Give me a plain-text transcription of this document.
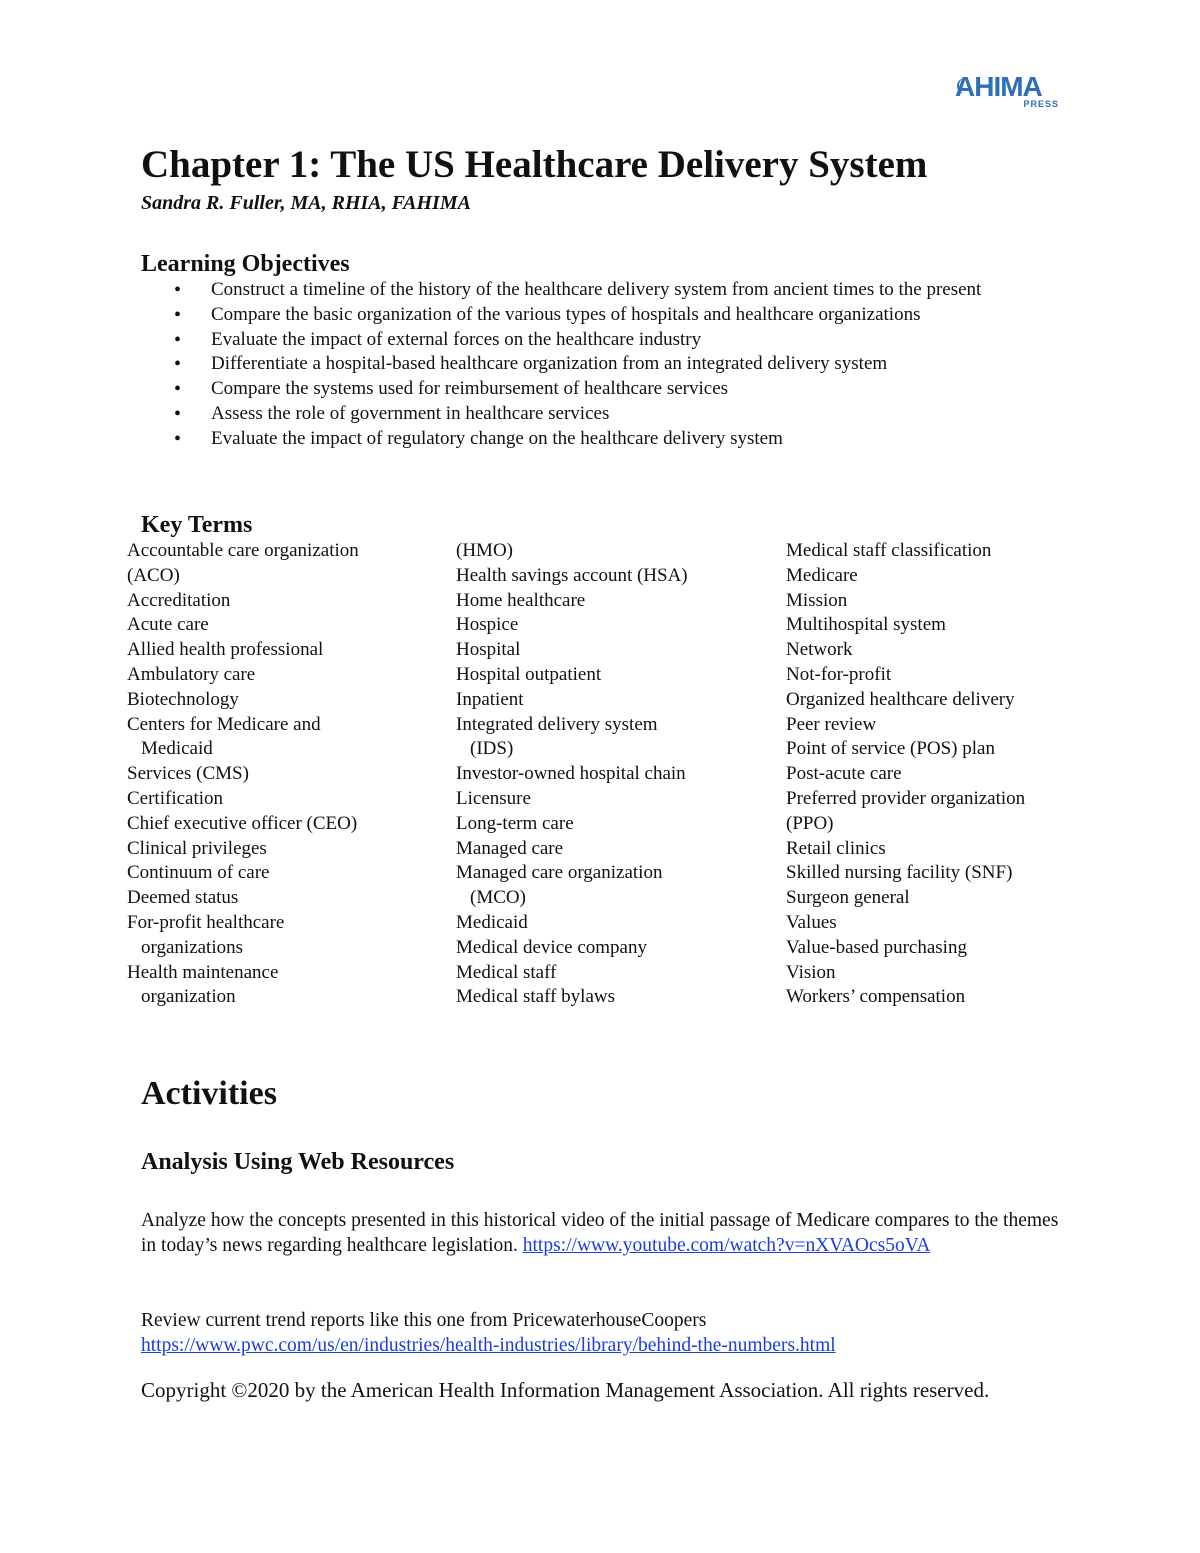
AHIMA
PRESS
Chapter 1: The US Healthcare Delivery System
Sandra R. Fuller, MA, RHIA, FAHIMA
Learning Objectives
• Construct a timeline of the history of the healthcare delivery system from ancient times to the present
• Compare the basic organization of the various types of hospitals and healthcare organizations
• Evaluate the impact of external forces on the healthcare industry
• Differentiate a hospital-based healthcare organization from an integrated delivery system
• Compare the systems used for reimbursement of healthcare services
• Assess the role of government in healthcare services
• Evaluate the impact of regulatory change on the healthcare delivery system
Key Terms
Accountable care organization
(ACO)
Accreditation
Acute care
Allied health professional
Ambulatory care
Biotechnology
Centers for Medicare and
Medicaid
Services (CMS)
Certification
Chief executive officer (CEO)
Clinical privileges
Continuum of care
Deemed status
For-profit healthcare
organizations
Health maintenance
organization
(HMO)
Health savings account (HSA)
Home healthcare
Hospice
Hospital
Hospital outpatient
Inpatient
Integrated delivery system
(IDS)
Investor-owned hospital chain
Licensure
Long-term care
Managed care
Managed care organization
(MCO)
Medicaid
Medical device company
Medical staff
Medical staff bylaws
Medical staff classification
Medicare
Mission
Multihospital system
Network
Not-for-profit
Organized healthcare delivery
Peer review
Point of service (POS) plan
Post-acute care
Preferred provider organization
(PPO)
Retail clinics
Skilled nursing facility (SNF)
Surgeon general
Values
Value-based purchasing
Vision
Workers’ compensation
Activities
Analysis Using Web Resources

Analyze how the concepts presented in this historical video of the initial passage of Medicare compares to the themes in today’s news regarding healthcare legislation. https://www.youtube.com/watch?v=nXVAOcs5oVA

Review current trend reports like this one from PricewaterhouseCoopers
https://www.pwc.com/us/en/industries/health-industries/library/behind-the-numbers.html

Copyright ©2020 by the American Health Information Management Association. All rights reserved.
